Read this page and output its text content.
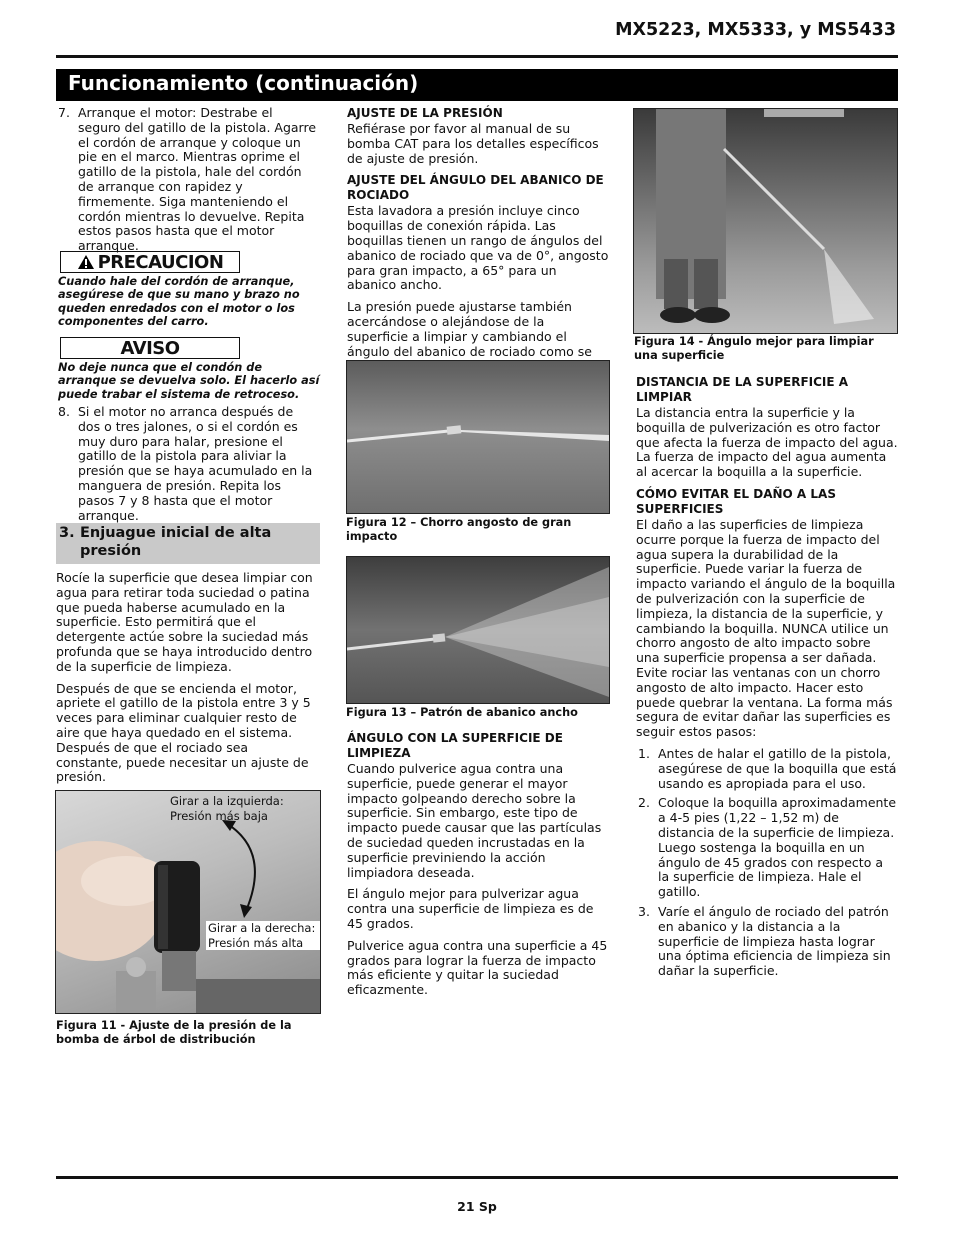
MX5223, MX5333, y MS5433
Funcionamiento (continuación)
7. Arranque el motor: Destrabe el seguro del gatillo de la pistola. Agarre el cordón de arranque y coloque un pie en el marco. Mientras oprime el gatillo de la pistola, hale del cordón de arranque con rapidez y firmemente. Siga manteniendo el cordón mientras lo devuelve. Repita estos pasos hasta que el motor arranque.
PRECAUCION
Cuando hale del cordón de arranque, asegúrese de que su mano y brazo no queden enredados con el motor o los componentes del carro.
AVISO
No deje nunca que el condón de arranque se devuelva solo. El hacerlo así puede trabar el sistema de retroceso.
8. Si el motor no arranca después de dos o tres jalones, o si el cordón es muy duro para halar, presione el gatillo de la pistola para aliviar la presión que se haya acumulado en la manguera de presión. Repita los pasos 7 y 8 hasta que el motor arranque.
3. Enjuague inicial de alta presión

Rocíe la superficie que desea limpiar con agua para retirar toda suciedad o patina que pueda haberse acumulado en la superficie. Esto permitirá que el detergente actúe sobre la suciedad más profunda que se haya introducido dentro de la superficie de limpieza.

Después de que se encienda el motor, apriete el gatillo de la pistola entre 3 y 5 veces para eliminar cualquier resto de aire que haya quedado en el sistema. Después de que el rociado sea constante, puede necesitar un ajuste de presión.

Girar a la izquierda: Presión más baja
Girar a la derecha: Presión más alta
Figura 11 - Ajuste de la presión de la bomba de árbol de distribución

AJUSTE DE LA PRESIÓN

Refiérase por favor al manual de su bomba CAT para los detalles específicos de ajuste de presión.

AJUSTE DEL ÁNGULO DEL ABANICO DE ROCIADO

Esta lavadora a presión incluye cinco boquillas de conexión rápida. Las boquillas tienen un rango de ángulos del abanico de rociado que va de 0°, angosto para gran impacto, a 65° para un abanico ancho.

La presión puede ajustarse también acercándose o alejándose de la superficie a limpiar y cambiando el ángulo del abanico de rociado como se

Figura 12 – Chorro angosto de gran impacto
Figura 13 – Patrón de abanico ancho

ÁNGULO CON LA SUPERFICIE DE LIMPIEZA

Cuando pulverice agua contra una superficie, puede generar el mayor impacto golpeando derecho sobre la superficie. Sin embargo, este tipo de impacto puede causar que las partículas de suciedad queden incrustadas en la superficie previniendo la acción limpiadora deseada.

El ángulo mejor para pulverizar agua contra una superficie de limpieza es de 45 grados.

Pulverice agua contra una superficie a 45 grados para lograr la fuerza de impacto más eficiente y quitar la suciedad eficazmente.

Figura 14 - Ángulo mejor para limpiar una superficie

DISTANCIA DE LA SUPERFICIE A LIMPIAR

La distancia entra la superficie y la boquilla de pulverización es otro factor que afecta la fuerza de impacto del agua. La fuerza de impacto del agua aumenta al acercar la boquilla a la superficie.

CÓMO EVITAR EL DAÑO A LAS SUPERFICIES

El daño a las superficies de limpieza ocurre porque la fuerza de impacto del agua supera la durabilidad de la superficie. Puede variar la fuerza de impacto variando el ángulo de la boquilla de pulverización con la superficie de limpieza, la distancia de la superficie, y cambiando la boquilla. NUNCA utilice un chorro angosto de alto impacto sobre una superficie propensa a ser dañada. Evite rociar las ventanas con un chorro angosto de alto impacto. Hacer esto puede quebrar la ventana. La forma más segura de evitar dañar las superficies es seguir estos pasos:

1. Antes de halar el gatillo de la pistola, asegúrese de que la boquilla que está usando es apropiada para el uso.
2. Coloque la boquilla aproximadamente a 4-5 pies (1,22 – 1,52 m) de distancia de la superficie de limpieza. Luego sostenga la boquilla en un ángulo de 45 grados con respecto a la superficie de limpieza. Hale el gatillo.
3. Varíe el ángulo de rociado del patrón en abanico y la distancia a la superficie de limpieza hasta lograr una óptima eficiencia de limpieza sin dañar la superficie.
21 Sp
